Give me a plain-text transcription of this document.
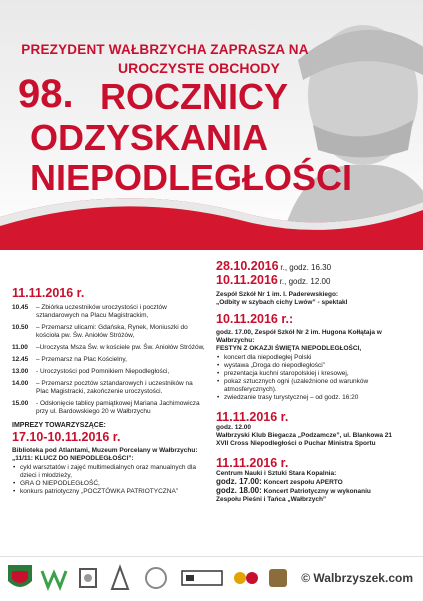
PREZYDENT WAŁBRZYCHA ZAPRASZA NA
UROCZYSTE OBCHODY
98. ROCZNICY
ODZYSKANIA
NIEPODLEGŁOŚCI
11.11.2016 r.
10.45	– Zbiórka uczestników uroczystości i pocztów sztandarowych na Placu Magistrackim,
10.50	– Przemarsz ulicami: Gdańska, Rynek, Moniuszki do kościoła pw. Św. Aniołów Stróżów,
11.00	–Uroczysta Msza Św. w kościele pw. Św. Aniołów Stróżów,
12.45	– Przemarsz na Plac Kościelny,
13.00	- Uroczystości pod Pomnikiem Niepodległości,
14.00	– Przemarsz pocztów sztandarowych i uczestników na Plac Magistracki, zakończenie uroczystości.
15.00	- Odsłonięcie tablicy pamiątkowej Mariana Jachimowicza przy ul. Bardowskiego 20 w Wałbrzychu
IMPREZY TOWARZYSZĄCE:
17.10-10.11.2016 r.
Biblioteka pod Atlantami, Muzeum Porcelany w Wałbrzychu: „11/11: KLUCZ DO NIEPODLEGŁOŚCI”:
• cykl warsztatów i zajęć multimedialnych oraz manualnych dla dzieci i młodzieży,
• GRA O NIEPODLEGŁOŚĆ,
• konkurs patriotyczny „POCZTÓWKA PATRIOTYCZNA”
28.10.2016 r., godz. 16.30
10.11.2016 r., godz. 12.00
Zespół Szkół Nr 1 im. I. Paderewskiego:
„Odbity w szybach cichy Lwów” - spektakl
10.11.2016 r.:
godz. 17.00, Zespół Szkół Nr 2 im. Hugona Kołłątaja w Wałbrzychu:
FESTYN Z OKAZJI ŚWIĘTA NIEPODLEGŁOŚCI,
• koncert dla niepodległej Polski
• wystawa „Droga do niepodległości”
• prezentacja kuchni staropolskiej i kresowej,
• pokaz sztucznych ogni (uzależnione od warunków atmosferycznych).
• zwiedzanie trasy turystycznej – od godz. 16:20
11.11.2016 r.
godz. 12.00
Wałbrzyski Klub Biegacza „Podzamcze”, ul. Blankowa 21
XVII Cross Niepodległości o Puchar Ministra Sportu
11.11.2016 r.
Centrum Nauki i Sztuki Stara Kopalnia:
godz. 17.00: Koncert zespołu APERTO
godz. 18.00: Koncert Patriotyczny w wykonaniu
Zespołu Pieśni i Tańca „Wałbrzych”
© Walbrzyszek.com
